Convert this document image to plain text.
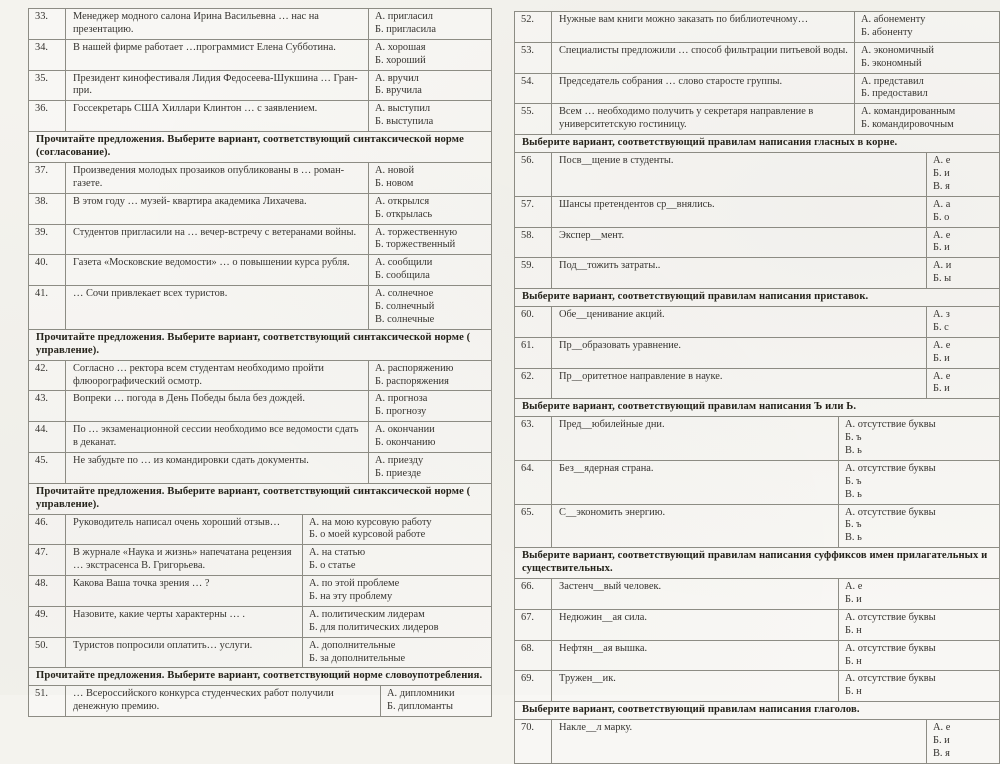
33.	Менеджер модного салона Ирина Васильевна … нас на презентацию.
А. пригласил
Б. пригласила
34.	В нашей фирме работает …программист Елена Субботина.	А. хорошая
Б. хороший
35.	Президент кинофестиваля Лидия Федосеева-Шукшина … Гран-при.
А. вручил
Б. вручила
36.	Госсекретарь США Хиллари Клинтон … с заявлением.	А. выступил
Б. выступила
Прочитайте предложения. Выберите вариант, соответствующий синтаксической норме (согласование).
37.	Произведения молодых прозаиков опубликованы в … роман-газете.
А. новой
Б. новом
38.	В этом году … музей- квартира академика Лихачева.	А. открылся
Б. открылась
39.	Студентов пригласили на … вечер-встречу с ветеранами войны.	А. торжественную
Б. торжественный
40.	Газета «Московские ведомости» … о повышении курса рубля.	А. сообщили
Б. сообщила
41.	… Сочи привлекает всех туристов.	А. солнечное
Б. солнечный
В. солнечные
Прочитайте предложения. Выберите вариант, соответствующий синтаксической норме ( управление).
42.	Согласно … ректора всем студентам необходимо пройти флюорографический осмотр.
А. распоряжению
Б. распоряжения
43.	Вопреки … погода в День Победы была без дождей.	А. прогноза
Б. прогнозу
44.	По … экзаменационной сессии необходимо все ведомости сдать в деканат.
А. окончании
Б. окончанию
45.	Не забудьте по … из командировки сдать документы.	А. приезду
Б. приезде
Прочитайте предложения. Выберите вариант, соответствующий синтаксической норме ( управление).
46.	Руководитель написал очень хороший отзыв…	А. на мою курсовую работу
Б. о моей курсовой работе
47.	В журнале «Наука и жизнь» напечатана рецензия … экстрасенса В. Григорьева.
А. на статью
Б. о статье
48.	Какова Ваша точка зрения … ?	А. по этой проблеме
Б. на эту проблему
49.	Назовите, какие черты характерны … .	А. политическим лидерам
Б. для политических лидеров
50.	Туристов попросили оплатить… услуги.	А. дополнительные
Б. за дополнительные
Прочитайте предложения. Выберите вариант, соответствующий норме словоупотребления.
51.	… Всероссийского конкурса студенческих работ получили денежную премию.
А. дипломники
Б. дипломанты
52.	Нужные вам книги можно заказать по библиотечному…	А. абонементу
Б. абоненту
53.	Специалисты предложили … способ фильтрации питьевой воды.	А. экономичный
Б. экономный
54.	Председатель собрания … слово старосте группы.	А. представил
Б. предоставил
55.	Всем … необходимо получить у секретаря направление в университетскую гостиницу.
А. командированным
Б. командировочным
Выберите вариант, соответствующий правилам написания гласных в корне.
56.	Посв__щение в студенты.	А. е
Б. и
В. я
57.	Шансы претендентов ср__внялись.	А. а
Б. о
58.	Экспер__мент.	А. е
Б. и
59.	Под__тожить затраты..	А. и
Б. ы
Выберите вариант, соответствующий правилам написания приставок.
60.	Обе__ценивание акций.	А. з
Б. с
61.	Пр__образовать уравнение.	А. е
Б. и
62.	Пр__оритетное направление в науке.	А. е
Б. и
Выберите вариант, соответствующий правилам написания Ъ или Ь.
63.	Пред__юбилейные дни.	А. отсутствие буквы
Б. ъ
В. ь
64.	Без__ядерная страна.	А. отсутствие буквы
Б. ъ
В. ь
65.	С__экономить энергию.	А. отсутствие буквы
Б. ъ
В. ь
Выберите вариант, соответствующий правилам написания суффиксов имен прилагательных и существительных.
66.	Застенч__вый человек.	А. е
Б. и
67.	Недюжин__ая сила.	А. отсутствие буквы
Б. н
68.	Нефтян__ая вышка.	А. отсутствие буквы
Б. н
69.	Тружен__ик.	А. отсутствие буквы
Б. н
Выберите вариант, соответствующий правилам написания глаголов.
70.	Накле__л марку.	А. е
Б. и
В. я
